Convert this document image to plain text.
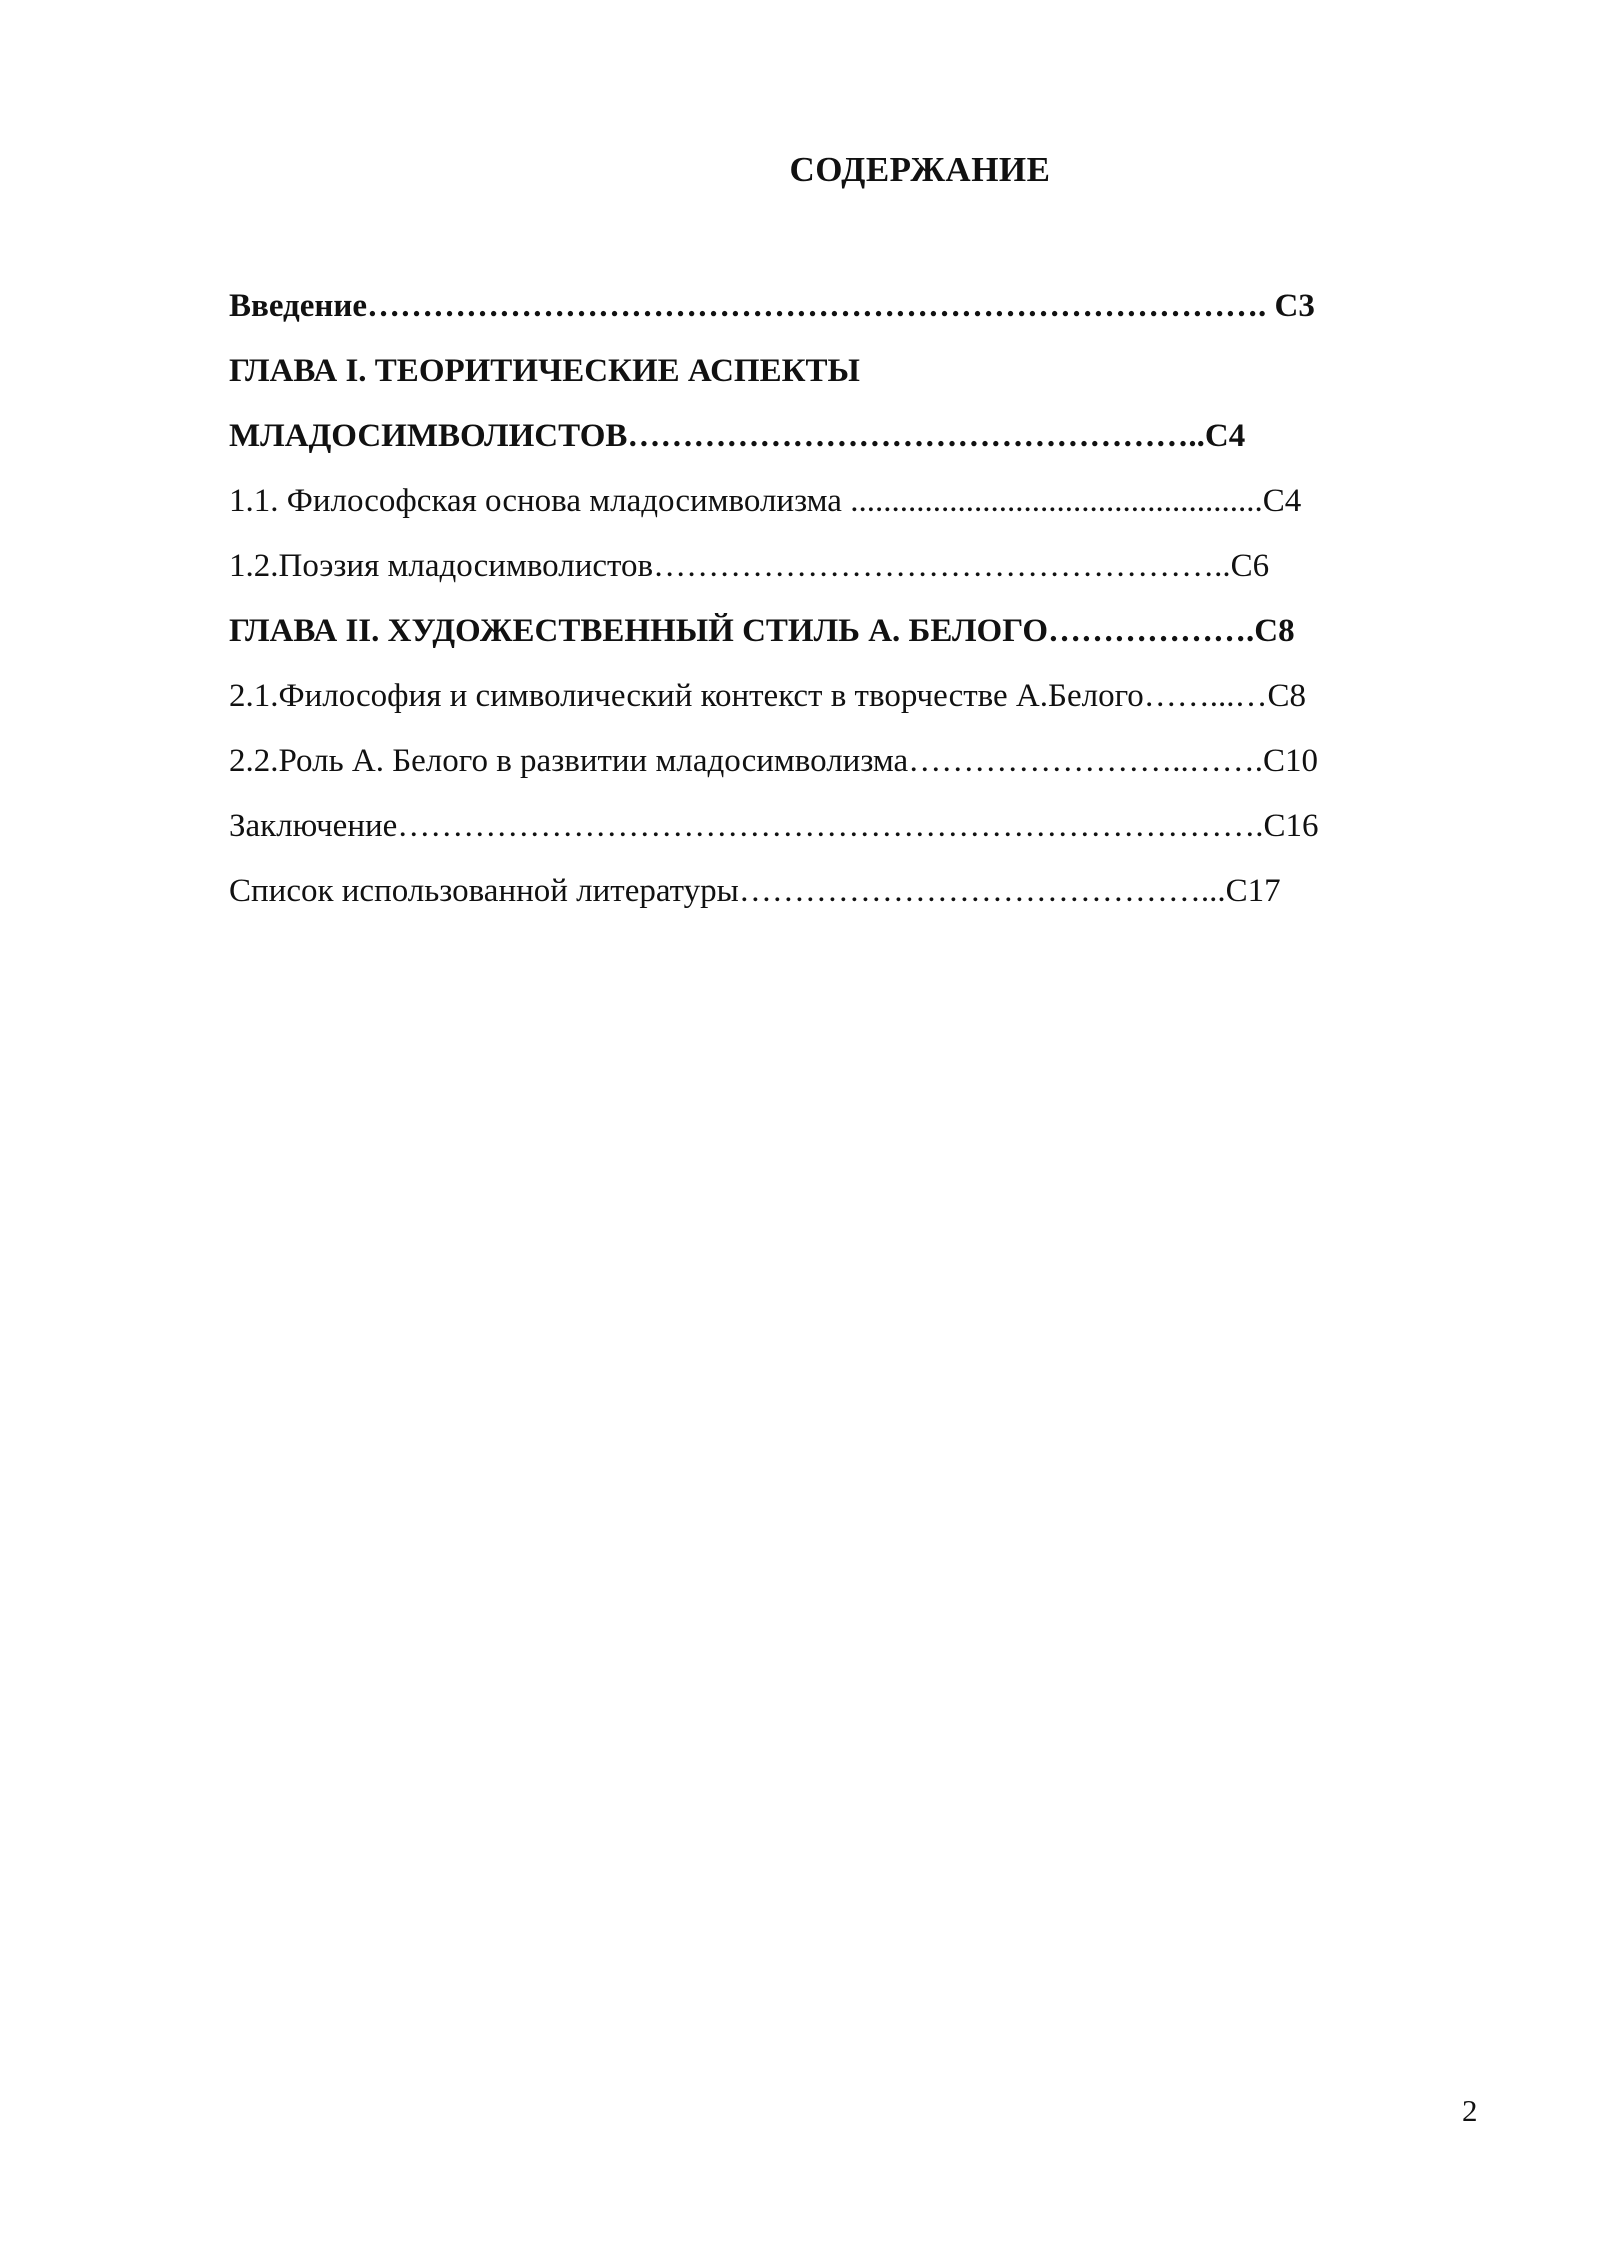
СОДЕРЖАНИЕ
Введение………………………………………………………………………. С3
ГЛАВА I. ТЕОРИТИЧЕСКИЕ АСПЕКТЫ
МЛАДОСИМВОЛИСТОВ……………………………………………..С4
1.1. Философская основа младосимволизма ..................................................С4
1.2.Поэзия младосимволистов……………………………………………..С6
ГЛАВА II. ХУДОЖЕСТВЕННЫЙ СТИЛЬ А. БЕЛОГО……………….С8
2.1.Философия и символический контекст в творчестве А.Белого……...…С8
2.2.Роль А. Белого в развитии младосимволизма……………………..…….С10
Заключение…………………………………………………………………….С16
Список использованной литературы……………………………………...С17
2
